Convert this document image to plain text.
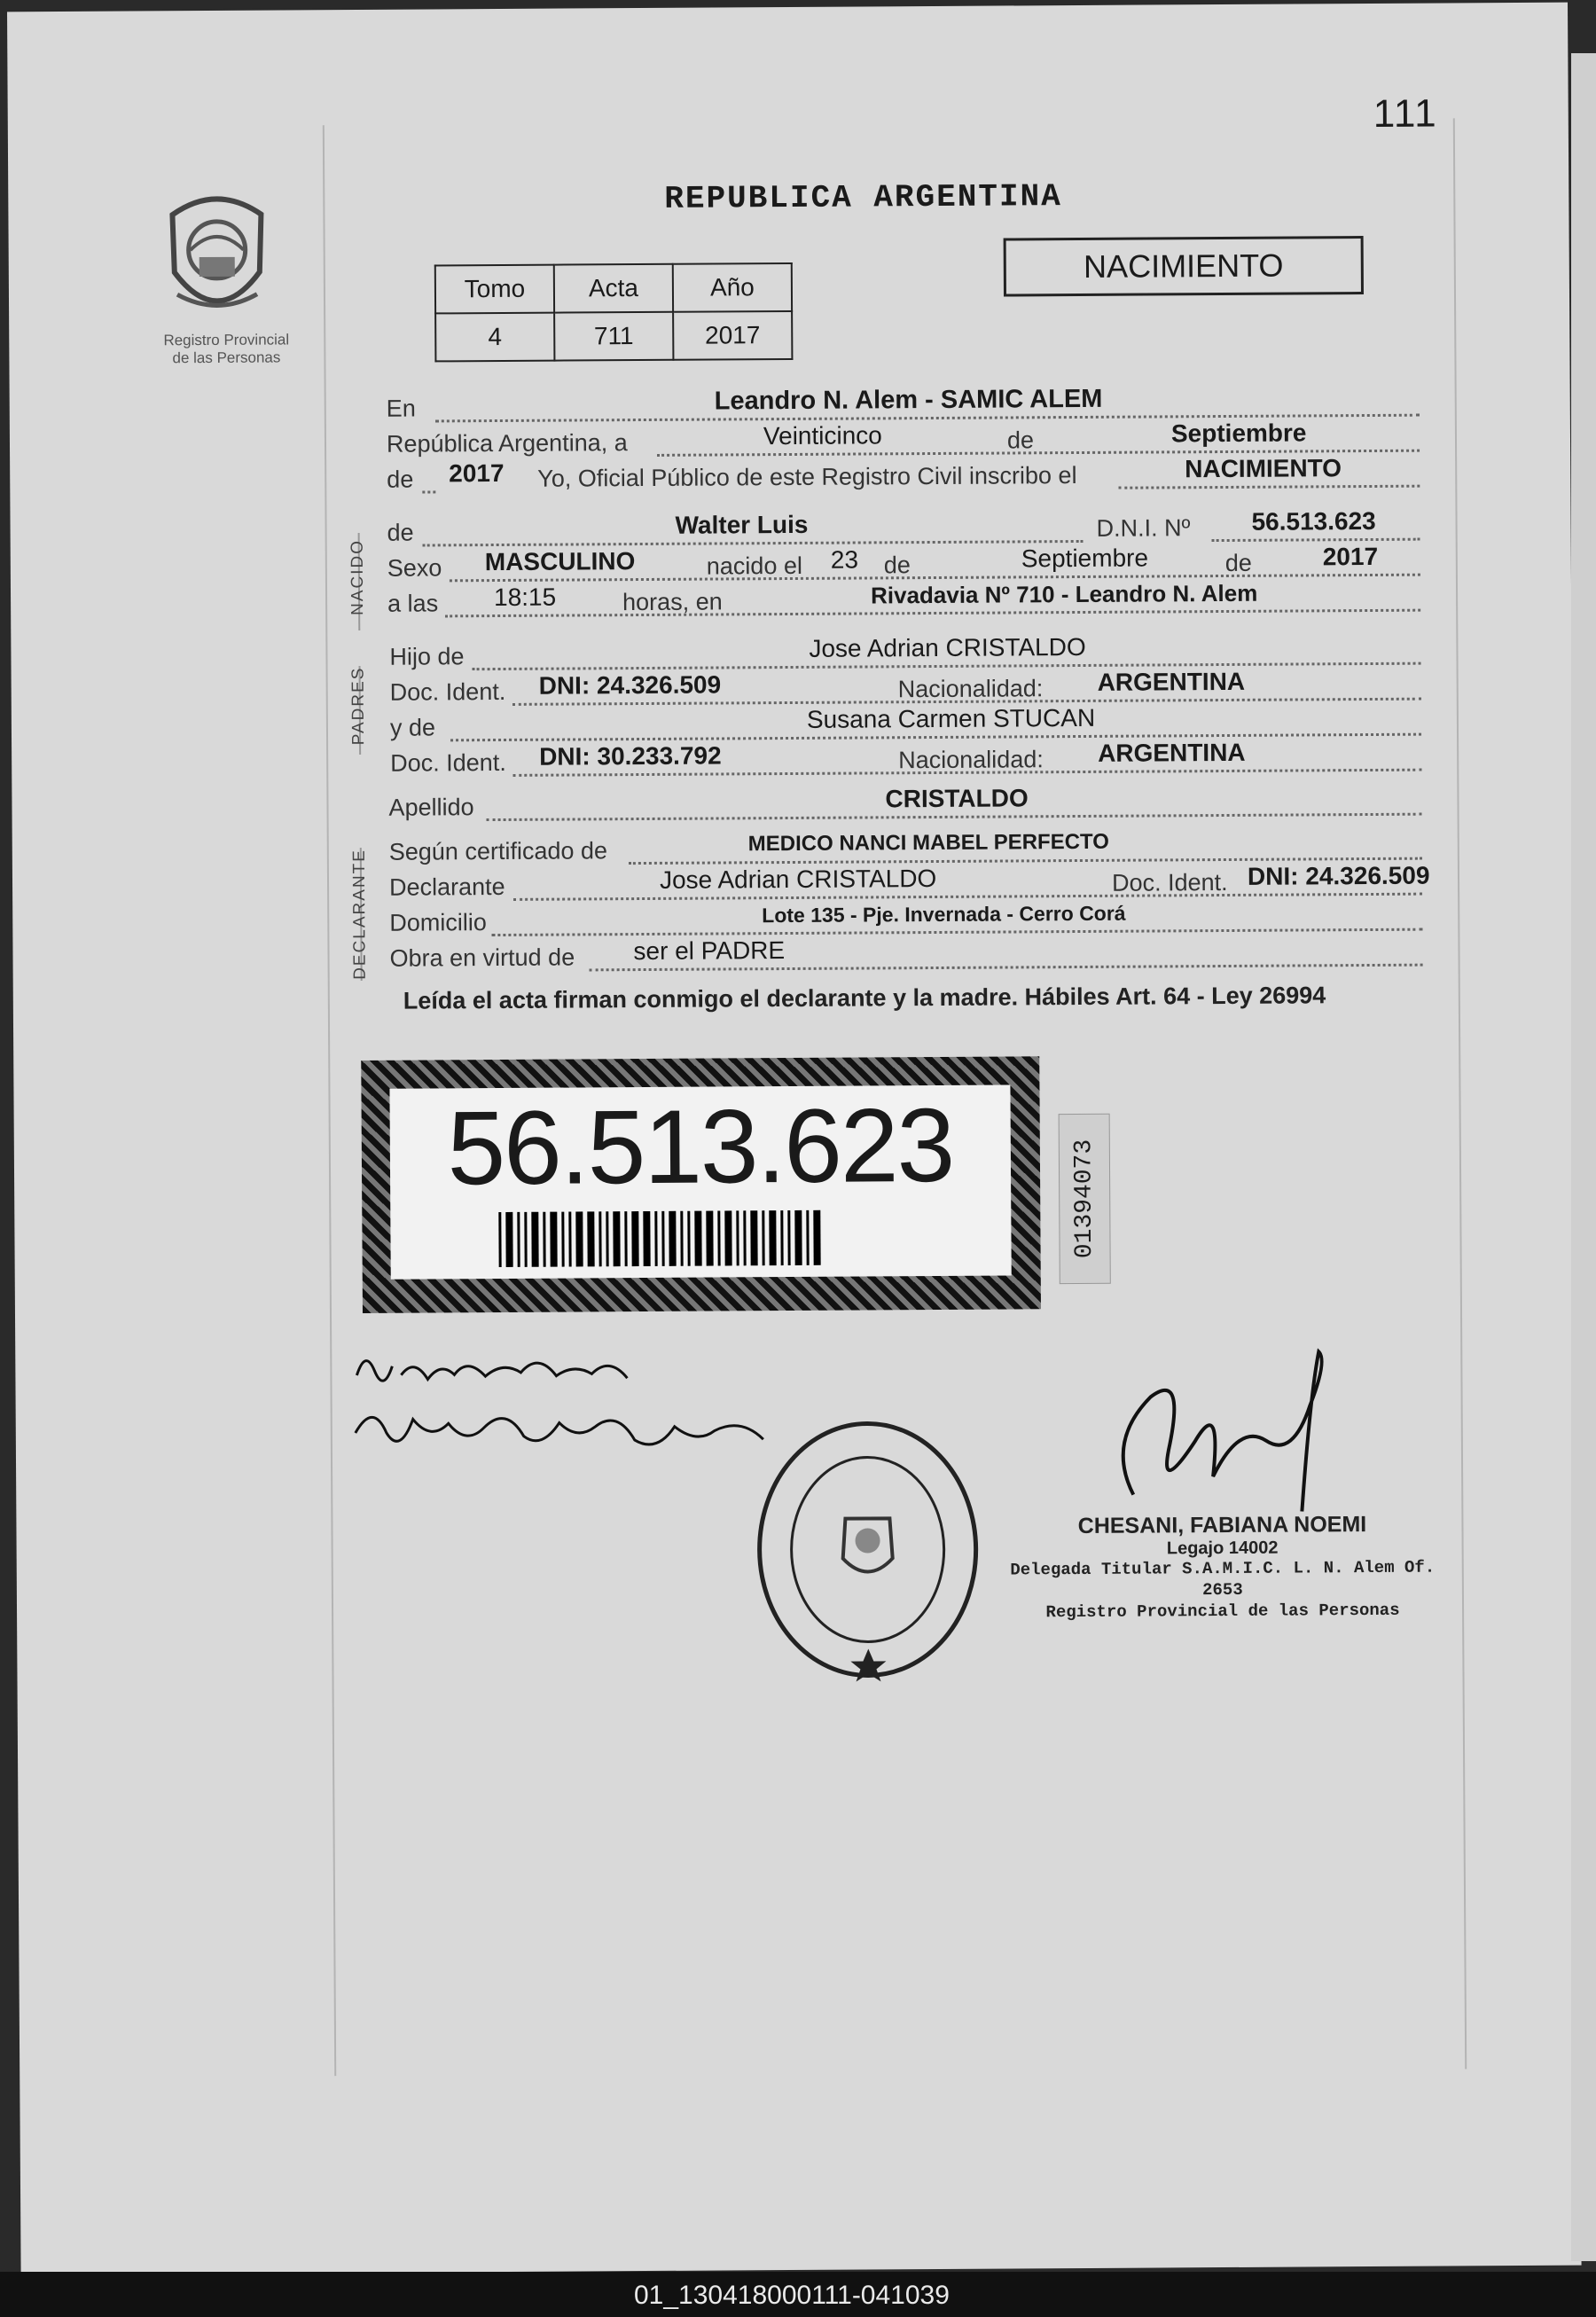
111
Registro Provincial
de las Personas
REPUBLICA ARGENTINA
Tomo	Acta	Año
4	711	2017
NACIMIENTO
En	Leandro N. Alem - SAMIC ALEM
República Argentina, a	Veinticinco	de	Septiembre
de 2017 Yo, Oficial Público de este Registro Civil inscribo el	NACIMIENTO
NACIDO
de	Walter Luis	D.N.I. Nº 56.513.623
Sexo MASCULINO	nacido el 23 de	Septiembre	de	2017
a las 18:15	horas, en	Rivadavia Nº 710 - Leandro N. Alem
PADRES
Hijo de	Jose Adrian CRISTALDO
Doc. Ident. DNI: 24.326.509	Nacionalidad: ARGENTINA
y de	Susana Carmen STUCAN
Doc. Ident. DNI: 30.233.792	Nacionalidad: ARGENTINA
Apellido	CRISTALDO
DECLARANTE Según certificado de	MEDICO NANCI MABEL PERFECTO
Declarante	Jose Adrian CRISTALDO	Doc. Ident. DNI: 24.326.509
Domicilio	Lote 135 - Pje. Invernada - Cerro Corá
Obra en virtud de ser el PADRE
Leída el acta firman conmigo el declarante y la madre. Hábiles Art. 64 - Ley 26994
56.513.623	01394073
CHESANI, FABIANA NOEMI
Legajo 14002
Delegada Titular S.A.M.I.C. L. N. Alem Of. 2653
Registro Provincial de las Personas
01_130418000111-041039
